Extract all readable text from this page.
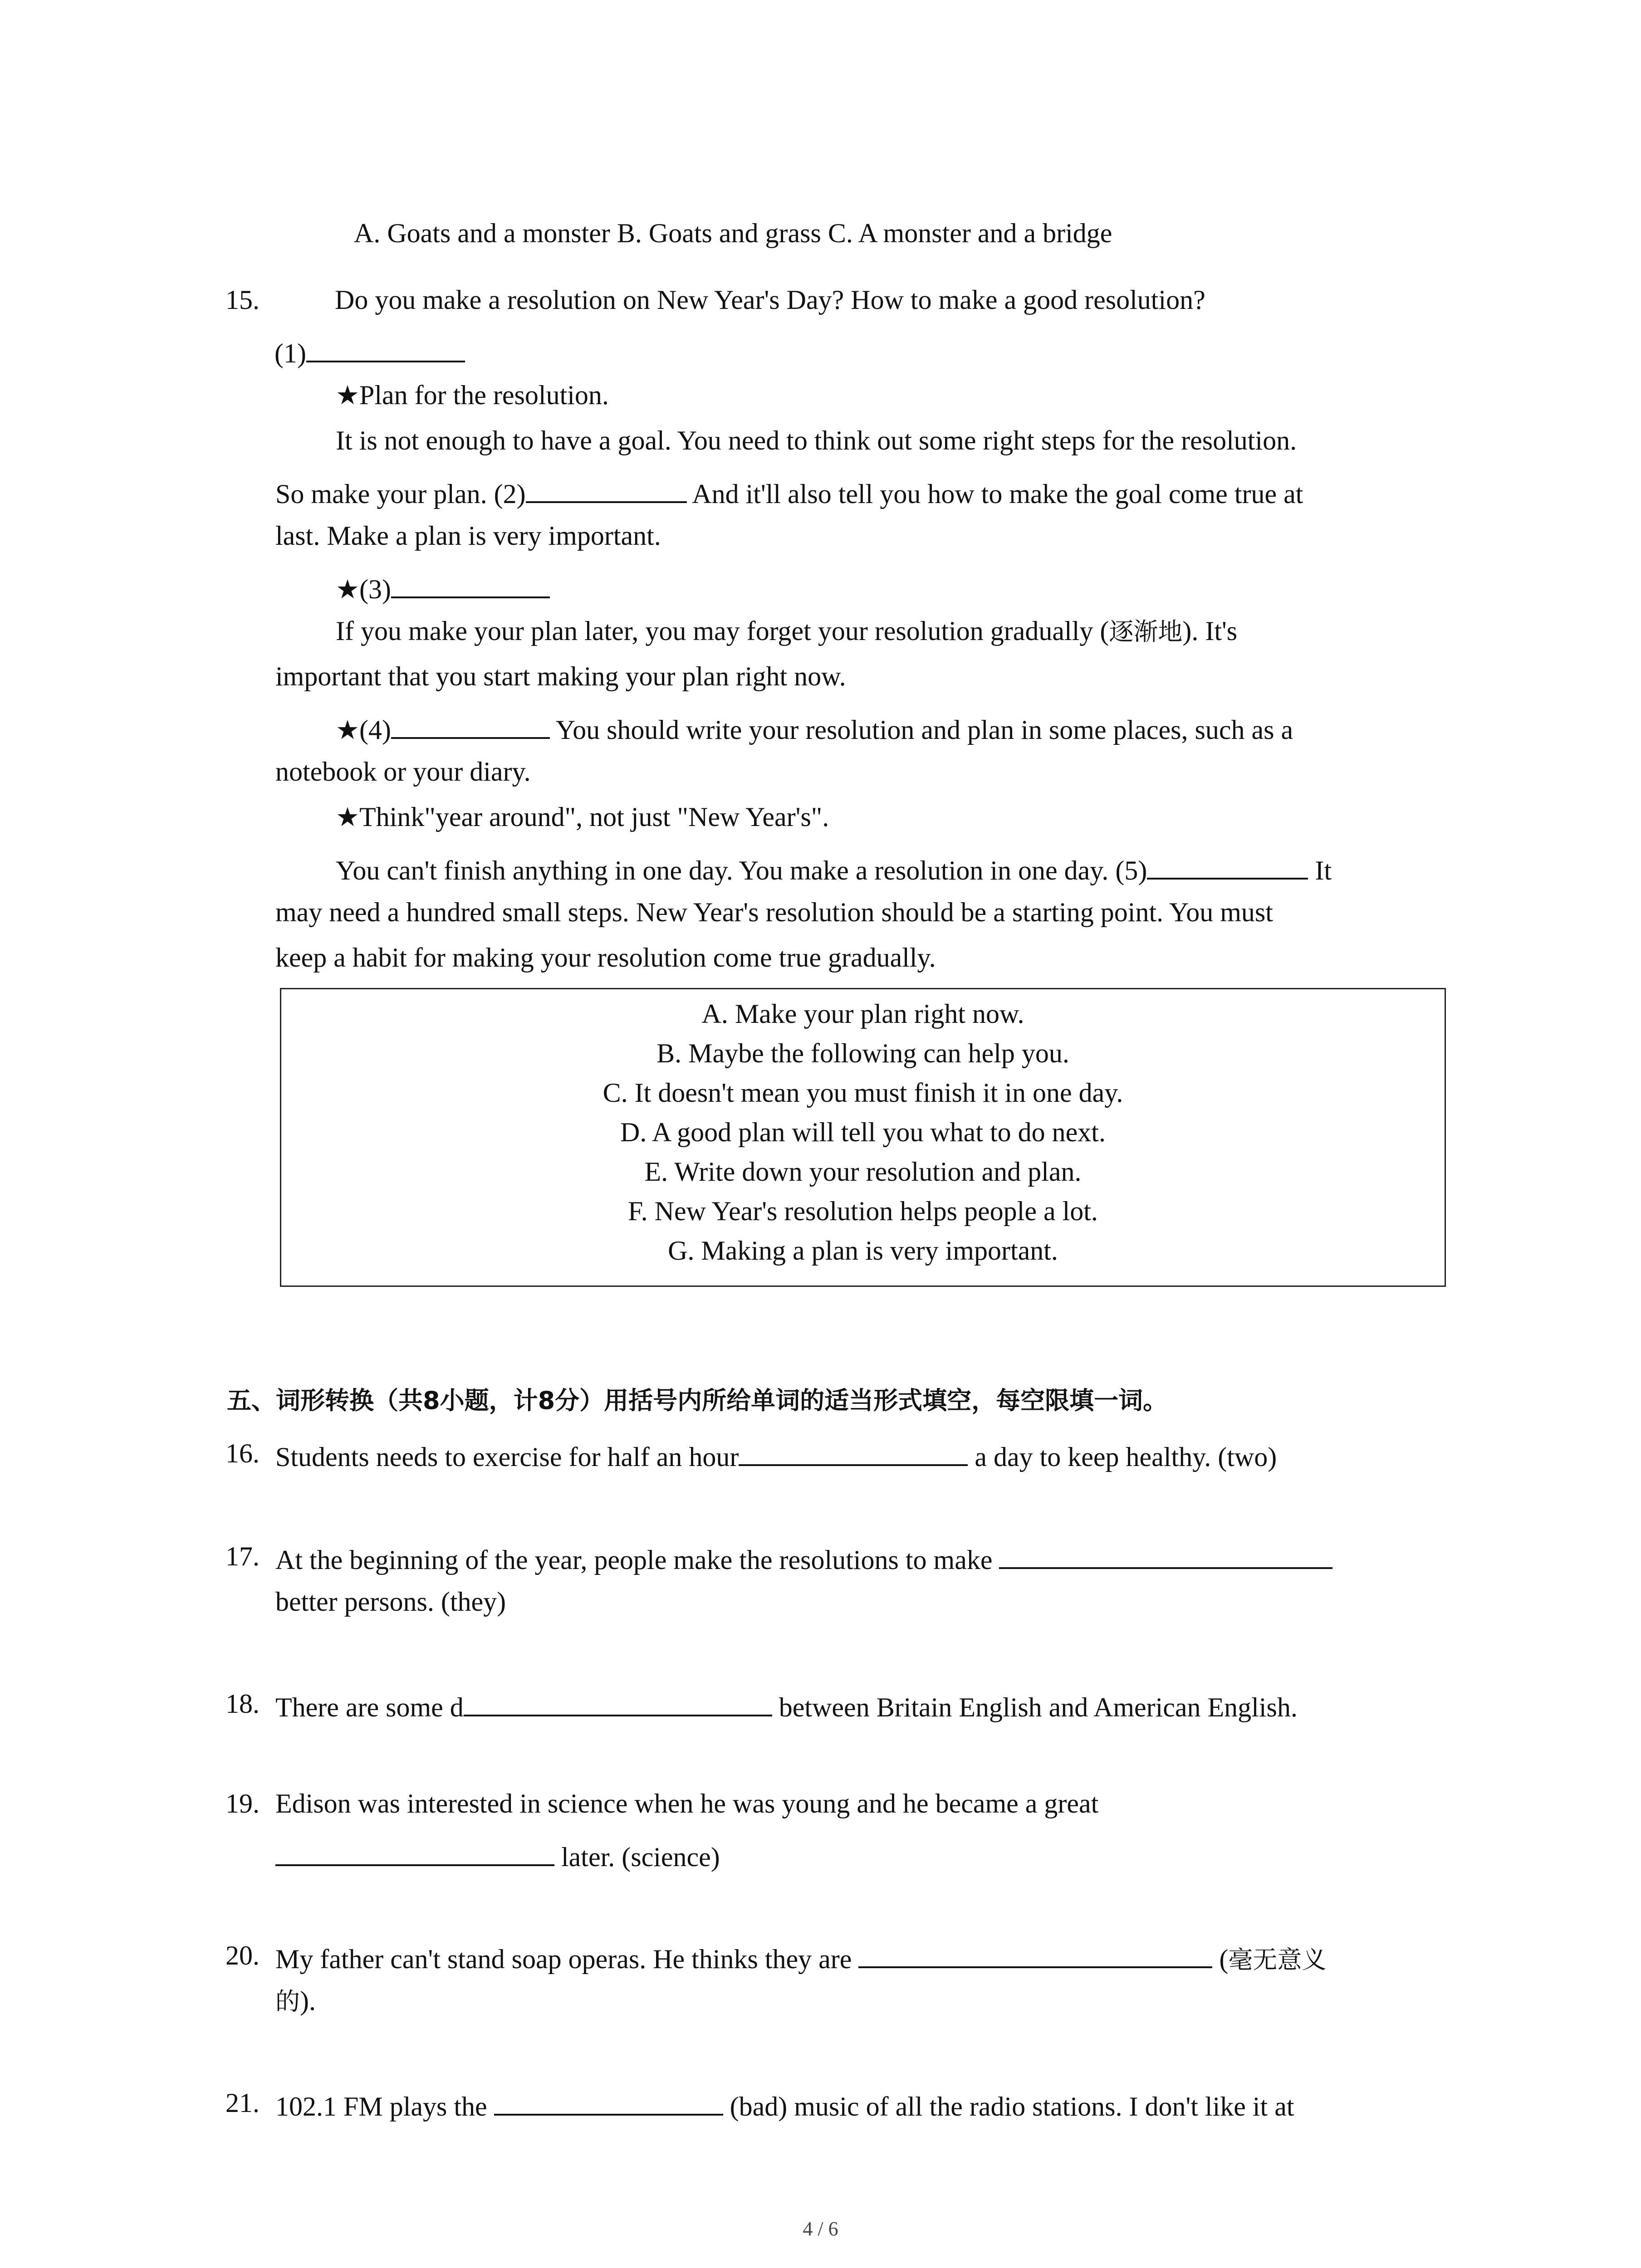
A. Goats and a monster B. Goats and grass C. A monster and a bridge
15.	Do you make a resolution on New Year's Day? How to make a good resolution?
(1)
★Plan for the resolution.
It is not enough to have a goal. You need to think out some right steps for the resolution.
So make your plan. (2)	And it'll also tell you how to make the goal come true at
last. Make a plan is very important.
★(3)
If you make your plan later, you may forget your resolution gradually (逐渐地). It's
important that you start making your plan right now.
★(4)	You should write your resolution and plan in some places, such as a
notebook or your diary.
★Think"year around", not just "New Year's".
You can't finish anything in one day. You make a resolution in one day. (5)	It
may need a hundred small steps. New Year's resolution should be a starting point. You must
keep a habit for making your resolution come true gradually.
A. Make your plan right now.
B. Maybe the following can help you.
C. It doesn't mean you must finish it in one day.
D. A good plan will tell you what to do next.
E. Write down your resolution and plan.
F. New Year's resolution helps people a lot.
G. Making a plan is very important.
五、词形转换（共8小题，计8分）用括号内所给单词的适当形式填空，每空限填一词。
16. Students needs to exercise for half an hour	a day to keep healthy. (two)
17. At the beginning of the year, people make the resolutions to make
better persons. (they)
18. There are some d	between Britain English and American English.
19. Edison was interested in science when he was young and he became a great
later. (science)
20. My father can't stand soap operas. He thinks they are	(毫无意义
的).
21. 102.1 FM plays the	(bad) music of all the radio stations. I don't like it at
4 / 6
